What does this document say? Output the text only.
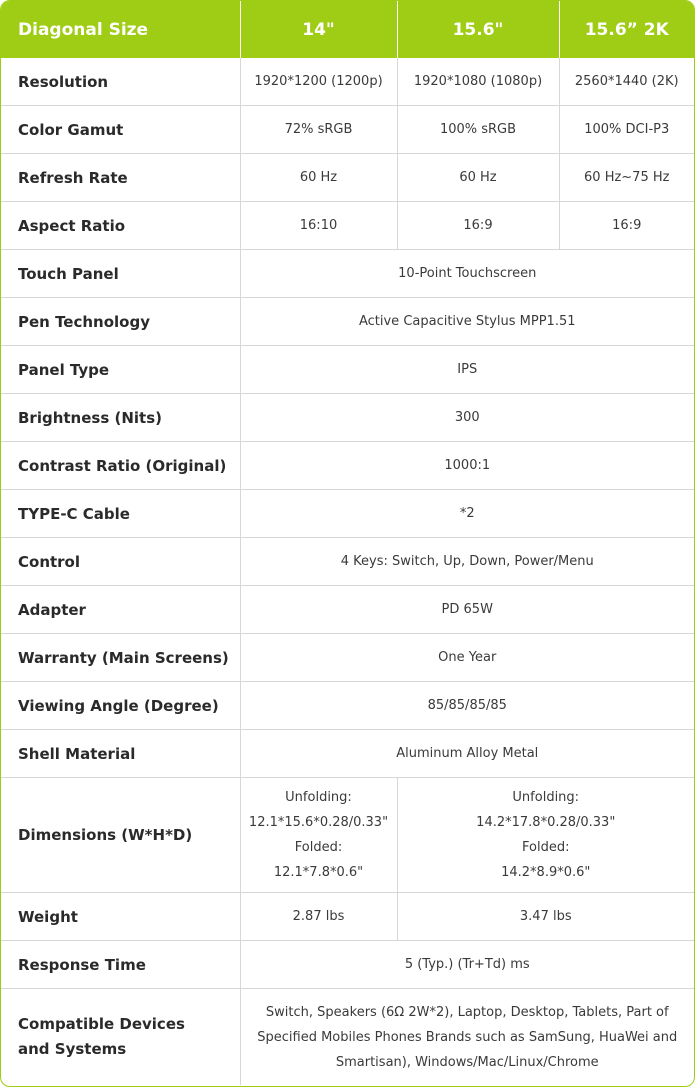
Diagonal Size	14"	15.6"	15.6” 2K
Resolution	1920*1200 (1200p)	1920*1080 (1080p)	2560*1440 (2K)
Color Gamut	72% sRGB	100% sRGB	100% DCI-P3
Refresh Rate	60 Hz	60 Hz	60 Hz~75 Hz
Aspect Ratio	16:10	16:9	16:9
Touch Panel	10-Point Touchscreen		
Pen Technology	Active Capacitive Stylus MPP1.51		
Panel Type	IPS		
Brightness (Nits)	300		
Contrast Ratio (Original)	1000:1		
TYPE-C Cable	*2		
Control	4 Keys: Switch, Up, Down, Power/Menu		
Adapter	PD 65W		
Warranty (Main Screens)	One Year		
Viewing Angle (Degree)	85/85/85/85		
Shell Material	Aluminum Alloy Metal		
Dimensions (W*H*D)	Unfolding:
12.1*15.6*0.28/0.33"
Folded:
12.1*7.8*0.6"	Unfolding:
14.2*17.8*0.28/0.33"
Folded:
14.2*8.9*0.6"	

Weight	2.87 lbs	3.47 lbs	
Response Time	5 (Typ.) (Tr+Td) ms		

Compatible Devices
and Systems	Switch, Speakers (6Ω 2W*2), Laptop, Desktop, Tablets, Part of Specified Mobiles Phones Brands such as SamSung, HuaWei and Smartisan), Windows/Mac/Linux/Chrome		
